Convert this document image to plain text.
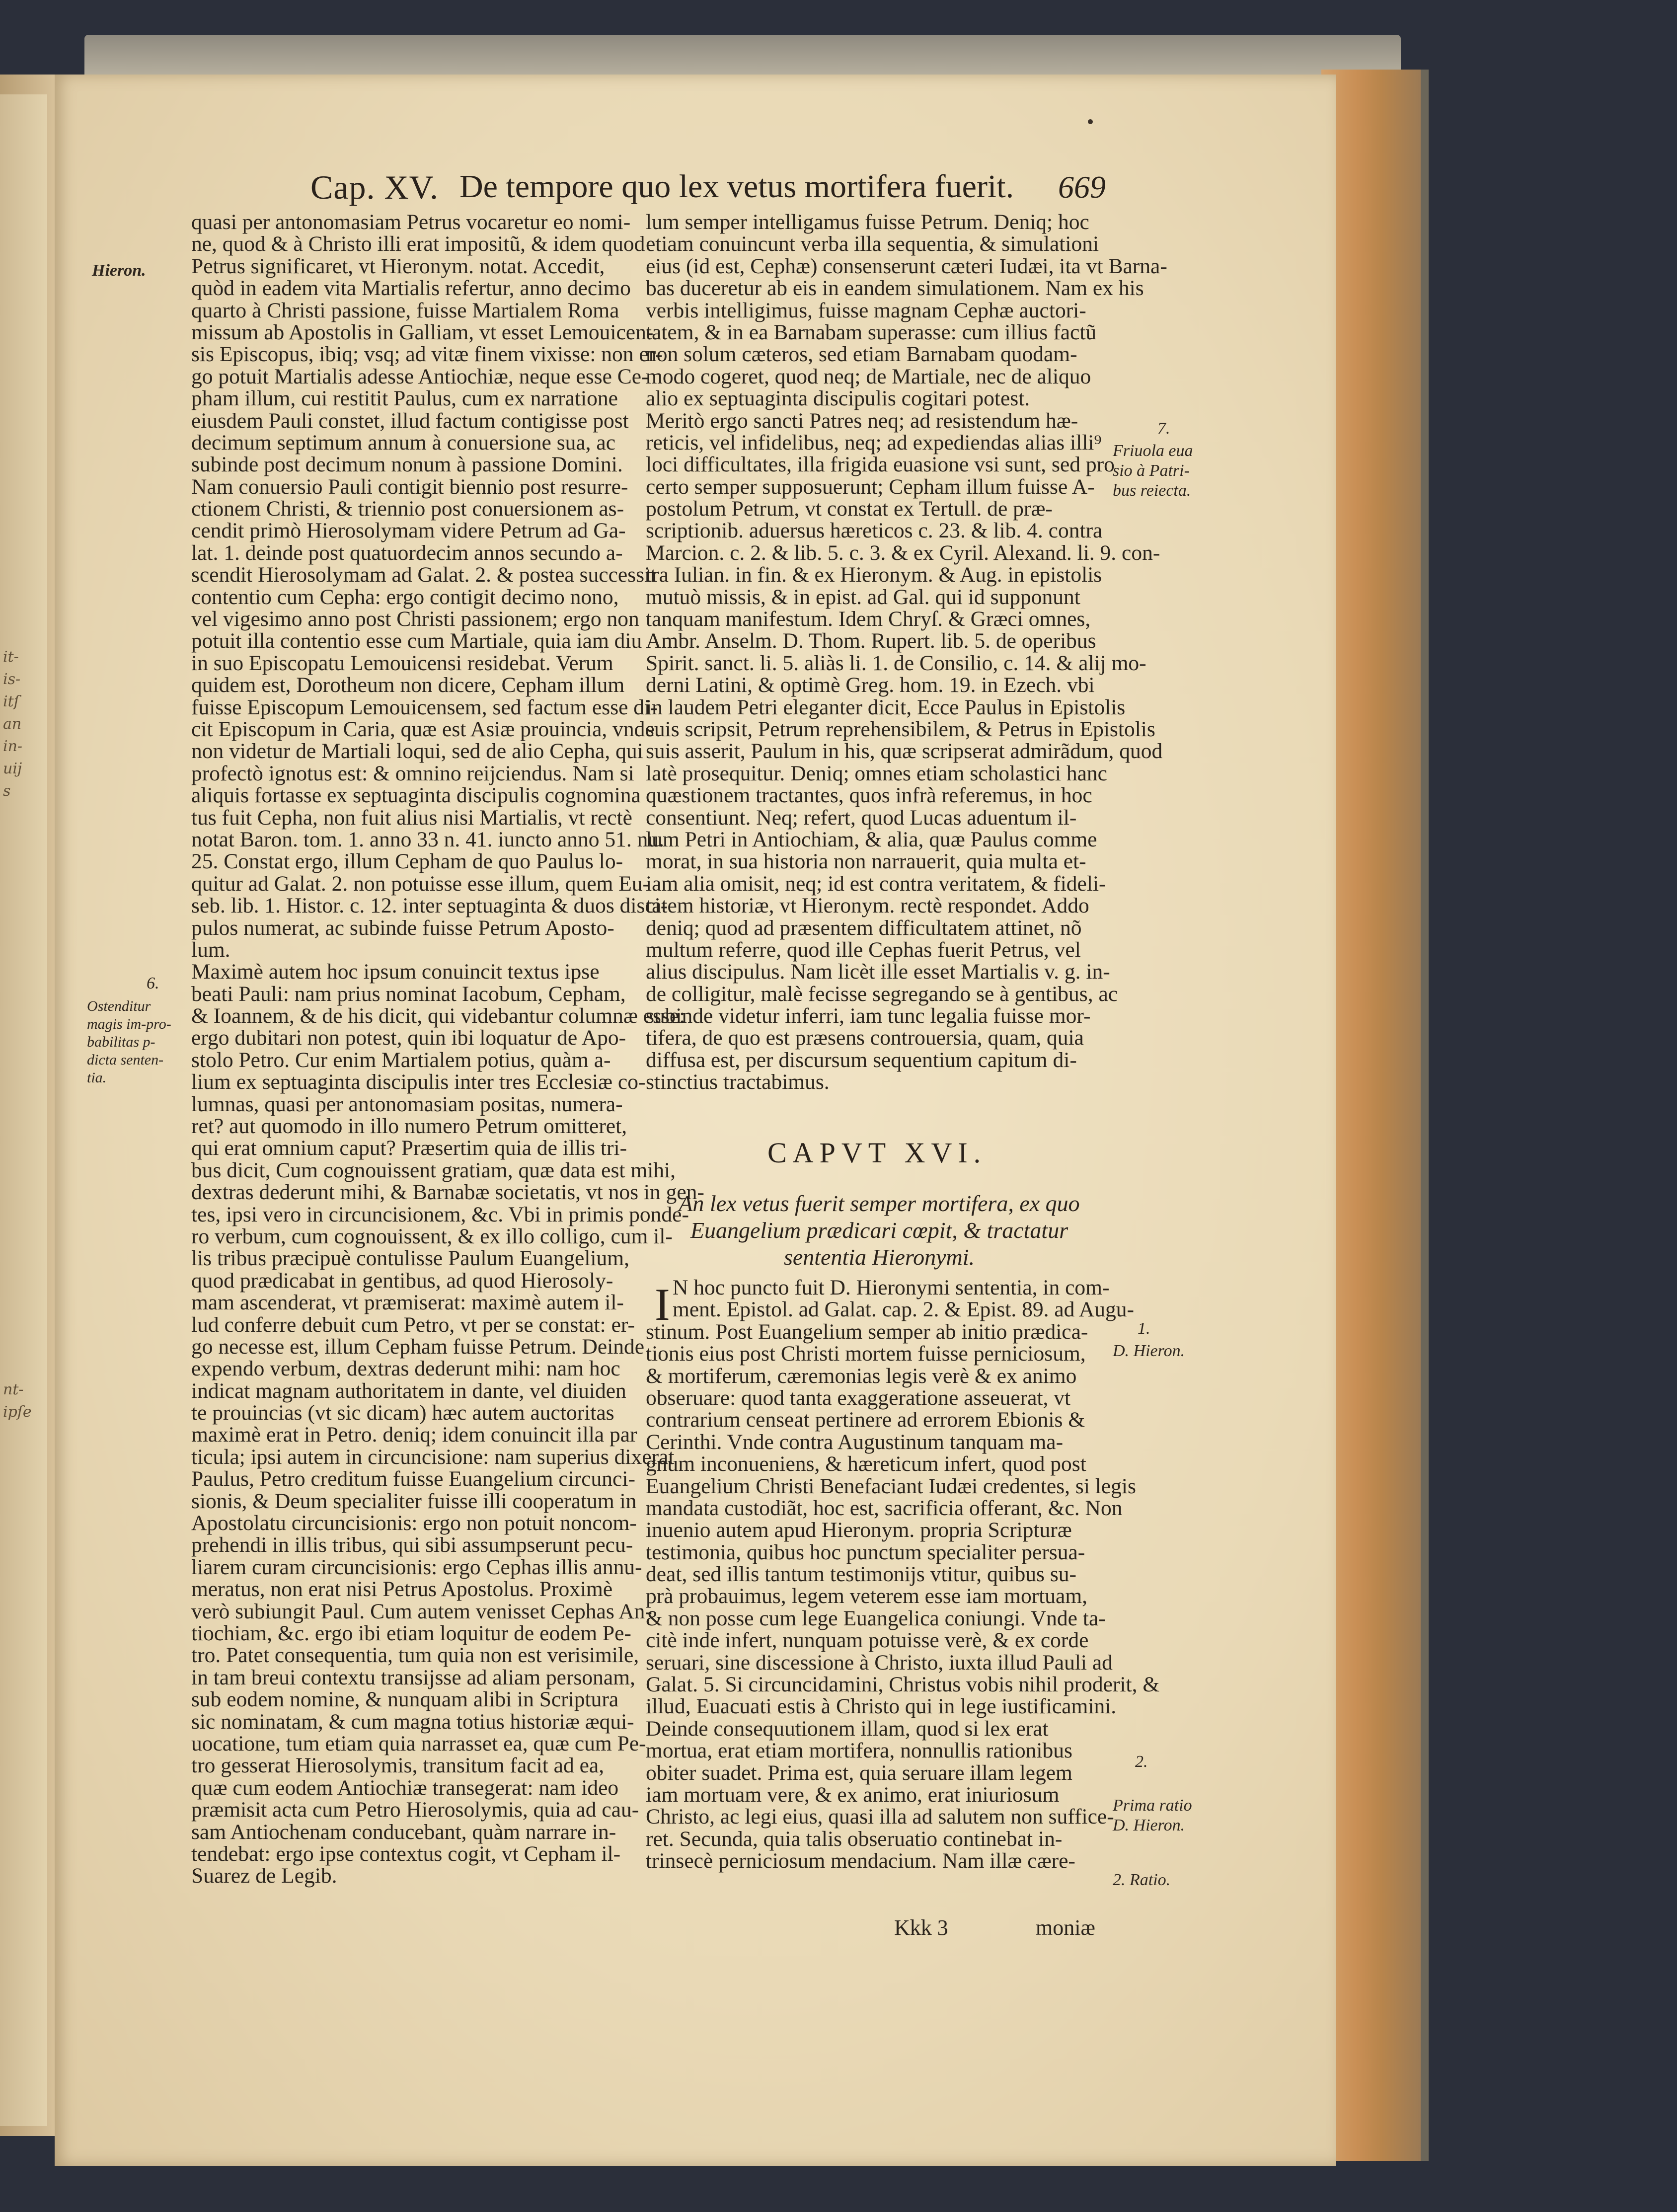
it-
is-
itſ
an
in-
uij
s
nt-
ipſe
Cap. XV. De tempore quo lex vetus mortifera fuerit. 669
quasi per antonomasiam Petrus vocaretur eo nomi-
ne, quod & à Christo illi erat impositũ, & idem quod
Petrus significaret, vt Hieronym. notat. Accedit,
quòd in eadem vita Martialis refertur, anno decimo
quarto à Christi passione, fuisse Martialem Roma
missum ab Apostolis in Galliam, vt esset Lemouicen-
sis Episcopus, ibiq; vsq; ad vitæ finem vixisse: non er-
go potuit Martialis adesse Antiochiæ, neque esse Ce-
pham illum, cui restitit Paulus, cum ex narratione
eiusdem Pauli constet, illud factum contigisse post
decimum septimum annum à conuersione sua, ac
subinde post decimum nonum à passione Domini.
Nam conuersio Pauli contigit biennio post resurre-
ctionem Christi, & triennio post conuersionem as-
cendit primò Hierosolymam videre Petrum ad Ga-
lat. 1. deinde post quatuordecim annos secundo a-
scendit Hierosolymam ad Galat. 2. & postea successit
contentio cum Cepha: ergo contigit decimo nono,
vel vigesimo anno post Christi passionem; ergo non
potuit illa contentio esse cum Martiale, quia iam diu
in suo Episcopatu Lemouicensi residebat. Verum
quidem est, Dorotheum non dicere, Cepham illum
fuisse Episcopum Lemouicensem, sed factum esse di-
cit Episcopum in Caria, quæ est Asiæ prouincia, vnde
non videtur de Martiali loqui, sed de alio Cepha, qui
profectò ignotus est: & omnino reijciendus. Nam si
aliquis fortasse ex septuaginta discipulis cognomina
tus fuit Cepha, non fuit alius nisi Martialis, vt rectè
notat Baron. tom. 1. anno 33 n. 41. iuncto anno 51. nu.
25. Constat ergo, illum Cepham de quo Paulus lo-
quitur ad Galat. 2. non potuisse esse illum, quem Eu-
seb. lib. 1. Histor. c. 12. inter septuaginta & duos disci-
pulos numerat, ac subinde fuisse Petrum Aposto-
lum.
Maximè autem hoc ipsum conuincit textus ipse
beati Pauli: nam prius nominat Iacobum, Cepham,
& Ioannem, & de his dicit, qui videbantur columnæ esse:
ergo dubitari non potest, quin ibi loquatur de Apo-
stolo Petro. Cur enim Martialem potius, quàm a-
lium ex septuaginta discipulis inter tres Ecclesiæ co-
lumnas, quasi per antonomasiam positas, numera-
ret? aut quomodo in illo numero Petrum omitteret,
qui erat omnium caput? Præsertim quia de illis tri-
bus dicit, Cum cognouissent gratiam, quæ data est mihi,
dextras dederunt mihi, & Barnabæ societatis, vt nos in gen-
tes, ipsi vero in circuncisionem, &c. Vbi in primis ponde-
ro verbum, cum cognouissent, & ex illo colligo, cum il-
lis tribus præcipuè contulisse Paulum Euangelium,
quod prædicabat in gentibus, ad quod Hierosoly-
mam ascenderat, vt præmiserat: maximè autem il-
lud conferre debuit cum Petro, vt per se constat: er-
go necesse est, illum Cepham fuisse Petrum. Deinde
expendo verbum, dextras dederunt mihi: nam hoc
indicat magnam authoritatem in dante, vel diuiden
te prouincias (vt sic dicam) hæc autem auctoritas
maximè erat in Petro. deniq; idem conuincit illa par
ticula; ipsi autem in circuncisione: nam superius dixerat
Paulus, Petro creditum fuisse Euangelium circunci-
sionis, & Deum specialiter fuisse illi cooperatum in
Apostolatu circuncisionis: ergo non potuit noncom-
prehendi in illis tribus, qui sibi assumpserunt pecu-
liarem curam circuncisionis: ergo Cephas illis annu-
meratus, non erat nisi Petrus Apostolus. Proximè
verò subiungit Paul. Cum autem venisset Cephas An-
tiochiam, &c. ergo ibi etiam loquitur de eodem Pe-
tro. Patet consequentia, tum quia non est verisimile,
in tam breui contextu transijsse ad aliam personam,
sub eodem nomine, & nunquam alibi in Scriptura
sic nominatam, & cum magna totius historiæ æqui-
uocatione, tum etiam quia narrasset ea, quæ cum Pe-
tro gesserat Hierosolymis, transitum facit ad ea,
quæ cum eodem Antiochiæ transegerat: nam ideo
præmisit acta cum Petro Hierosolymis, quia ad cau-
sam Antiochenam conducebant, quàm narrare in-
tendebat: ergo ipse contextus cogit, vt Cepham il-
Suarez de Legib.
lum semper intelligamus fuisse Petrum. Deniq; hoc
etiam conuincunt verba illa sequentia, & simulationi
eius (id est, Cephæ) consenserunt cæteri Iudæi, ita vt Barna-
bas duceretur ab eis in eandem simulationem. Nam ex his
verbis intelligimus, fuisse magnam Cephæ auctori-
tatem, & in ea Barnabam superasse: cum illius factũ
non solum cæteros, sed etiam Barnabam quodam-
modo cogeret, quod neq; de Martiale, nec de aliquo
alio ex septuaginta discipulis cogitari potest.
Meritò ergo sancti Patres neq; ad resistendum hæ-
reticis, vel infidelibus, neq; ad expediendas alias illi⁹
loci difficultates, illa frigida euasione vsi sunt, sed pro
certo semper supposuerunt; Cepham illum fuisse A-
postolum Petrum, vt constat ex Tertull. de præ-
scriptionib. aduersus hæreticos c. 23. & lib. 4. contra
Marcion. c. 2. & lib. 5. c. 3. & ex Cyril. Alexand. li. 9. con-
tra Iulian. in fin. & ex Hieronym. & Aug. in epistolis
mutuò missis, & in epist. ad Gal. qui id supponunt
tanquam manifestum. Idem Chryſ. & Græci omnes,
Ambr. Anselm. D. Thom. Rupert. lib. 5. de operibus
Spirit. sanct. li. 5. aliàs li. 1. de Consilio, c. 14. & alij mo-
derni Latini, & optimè Greg. hom. 19. in Ezech. vbi
in laudem Petri eleganter dicit, Ecce Paulus in Epistolis
suis scripsit, Petrum reprehensibilem, & Petrus in Epistolis
suis asserit, Paulum in his, quæ scripserat admirãdum, quod
latè prosequitur. Deniq; omnes etiam scholastici hanc
quæstionem tractantes, quos infrà referemus, in hoc
consentiunt. Neq; refert, quod Lucas aduentum il-
lum Petri in Antiochiam, & alia, quæ Paulus comme
morat, in sua historia non narrauerit, quia multa et-
iam alia omisit, neq; id est contra veritatem, & fideli-
tatem historiæ, vt Hieronym. rectè respondet. Addo
deniq; quod ad præsentem difficultatem attinet, nõ
multum referre, quod ille Cephas fuerit Petrus, vel
alius discipulus. Nam licèt ille esset Martialis v. g. in-
de colligitur, malè fecisse segregando se à gentibus, ac
subinde videtur inferri, iam tunc legalia fuisse mor-
tifera, de quo est præsens controuersia, quam, quia
diffusa est, per discursum sequentium capitum di-
stinctius tractabimus.
CAPVT XVI.
An lex vetus fuerit semper mortifera, ex quo
Euangelium prædicari cœpit, & tractatur
sententia Hieronymi.
I N hoc puncto fuit D. Hieronymi sententia, in com-
ment. Epistol. ad Galat. cap. 2. & Epist. 89. ad Augu-
stinum. Post Euangelium semper ab initio prædica-
tionis eius post Christi mortem fuisse perniciosum,
& mortiferum, cæremonias legis verè & ex animo
obseruare: quod tanta exaggeratione asseuerat, vt
contrarium censeat pertinere ad errorem Ebionis &
Cerinthi. Vnde contra Augustinum tanquam ma-
gnum inconueniens, & hæreticum infert, quod post
Euangelium Christi Benefaciant Iudæi credentes, si legis
mandata custodiãt, hoc est, sacrificia offerant, &c. Non
inuenio autem apud Hieronym. propria Scripturæ
testimonia, quibus hoc punctum specialiter persua-
deat, sed illis tantum testimonijs vtitur, quibus su-
prà probauimus, legem veterem esse iam mortuam,
& non posse cum lege Euangelica coniungi. Vnde ta-
citè inde infert, nunquam potuisse verè, & ex corde
seruari, sine discessione à Christo, iuxta illud Pauli ad
Galat. 5. Si circuncidamini, Christus vobis nihil proderit, &
illud, Euacuati estis à Christo qui in lege iustificamini.
Deinde consequutionem illam, quod si lex erat
mortua, erat etiam mortifera, nonnullis rationibus
obiter suadet. Prima est, quia seruare illam legem
iam mortuam vere, & ex animo, erat iniuriosum
Christo, ac legi eius, quasi illa ad salutem non suffice-
ret. Secunda, quia talis obseruatio continebat in-
trinsecè perniciosum mendacium. Nam illæ cære-
Hieron.
6.
Ostenditur
magis im-pro-
babilitas p-
dicta senten-
tia.
7.
Friuola eua
sio à Patri-
bus reiecta.
1.
D. Hieron.
2.
Prima ratio
D. Hieron.
2. Ratio.
Kkk 3	moniæ
